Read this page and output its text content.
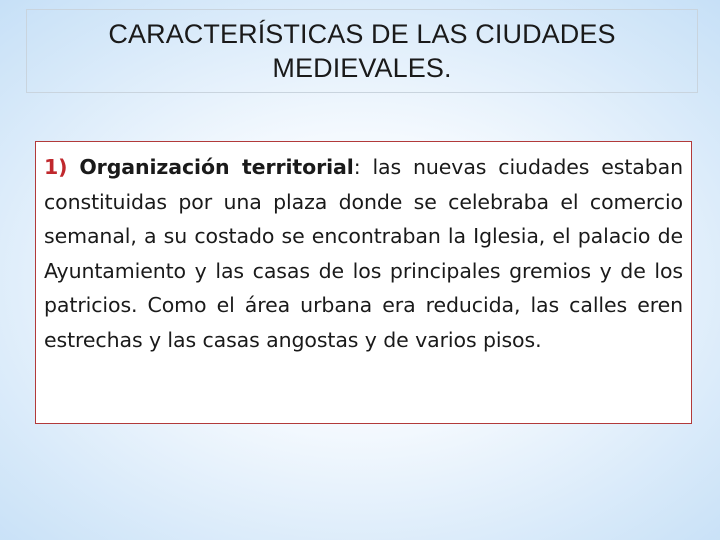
CARACTERÍSTICAS DE LAS CIUDADES MEDIEVALES.

1) Organización territorial: las nuevas ciudades estaban constituidas por una plaza donde se celebraba el comercio semanal, a su costado se encontraban la Iglesia, el palacio de Ayuntamiento y las casas de los principales gremios y de los patricios. Como el área urbana era reducida, las calles eren estrechas y las casas angostas y de varios pisos.
